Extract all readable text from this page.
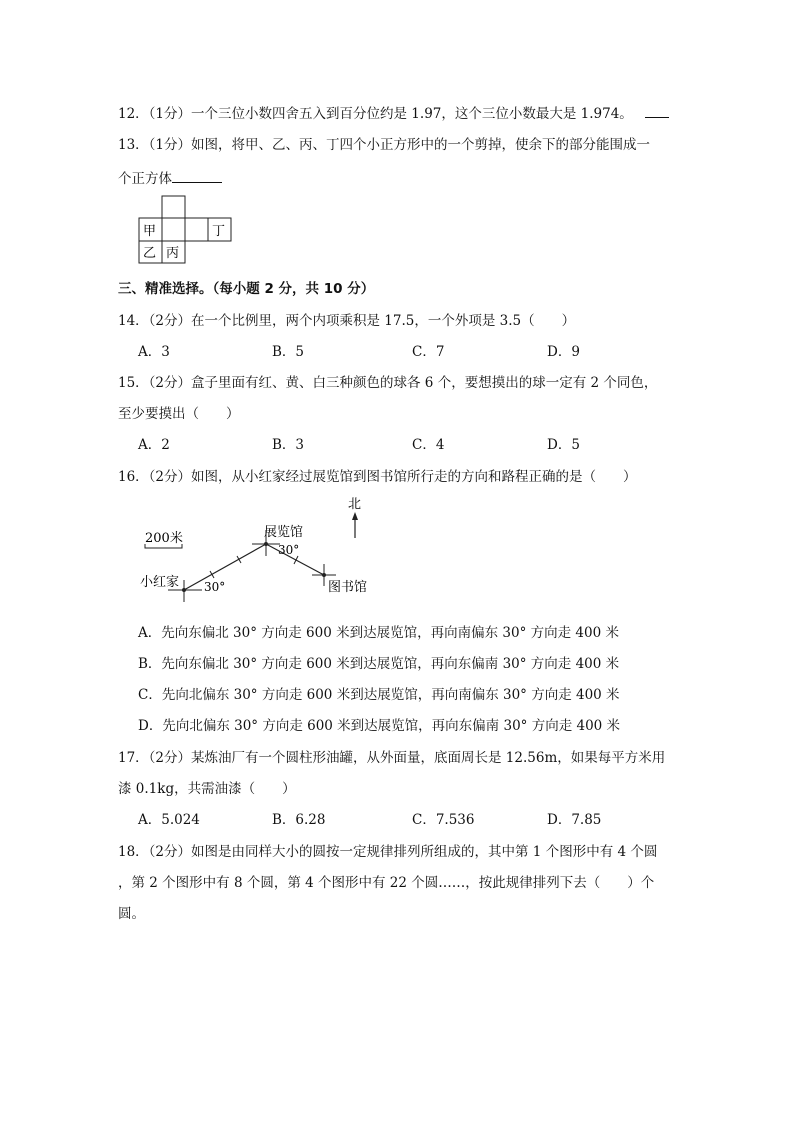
12．（1分）一个三位小数四舍五入到百分位约是 1.97，这个三位小数最大是 1.974。
13．（1分）如图，将甲、乙、丙、丁四个小正方形中的一个剪掉，使余下的部分能围成一
个正方体
甲	丁
乙 丙
三、精准选择。（每小题 2 分，共 10 分）
14．（2分）在一个比例里，两个内项乘积是 17.5，一个外项是 3.5（　　）
A．3	B．5	C．7	D．9
15．（2分）盒子里面有红、黄、白三种颜色的球各 6 个，要想摸出的球一定有 2 个同色，
至少要摸出（　　）
A．2	B．3	C．4	D．5
16．（2分）如图，从小红家经过展览馆到图书馆所行走的方向和路程正确的是（　　）
北
200米
小红家 30°
展览馆
30°
图书馆
A．先向东偏北 30° 方向走 600 米到达展览馆，再向南偏东 30° 方向走 400 米
B．先向东偏北 30° 方向走 600 米到达展览馆，再向东偏南 30° 方向走 400 米
C．先向北偏东 30° 方向走 600 米到达展览馆，再向南偏东 30° 方向走 400 米
D．先向北偏东 30° 方向走 600 米到达展览馆，再向东偏南 30° 方向走 400 米
17．（2分）某炼油厂有一个圆柱形油罐，从外面量，底面周长是 12.56m，如果每平方米用
漆 0.1kg，共需油漆（　　）
A．5.024	B．6.28	C．7.536	D．7.85
18．（2分）如图是由同样大小的圆按一定规律排列所组成的，其中第 1 个图形中有 4 个圆
，第 2 个图形中有 8 个圆，第 4 个图形中有 22 个圆……，按此规律排列下去（　　）个
圆。
